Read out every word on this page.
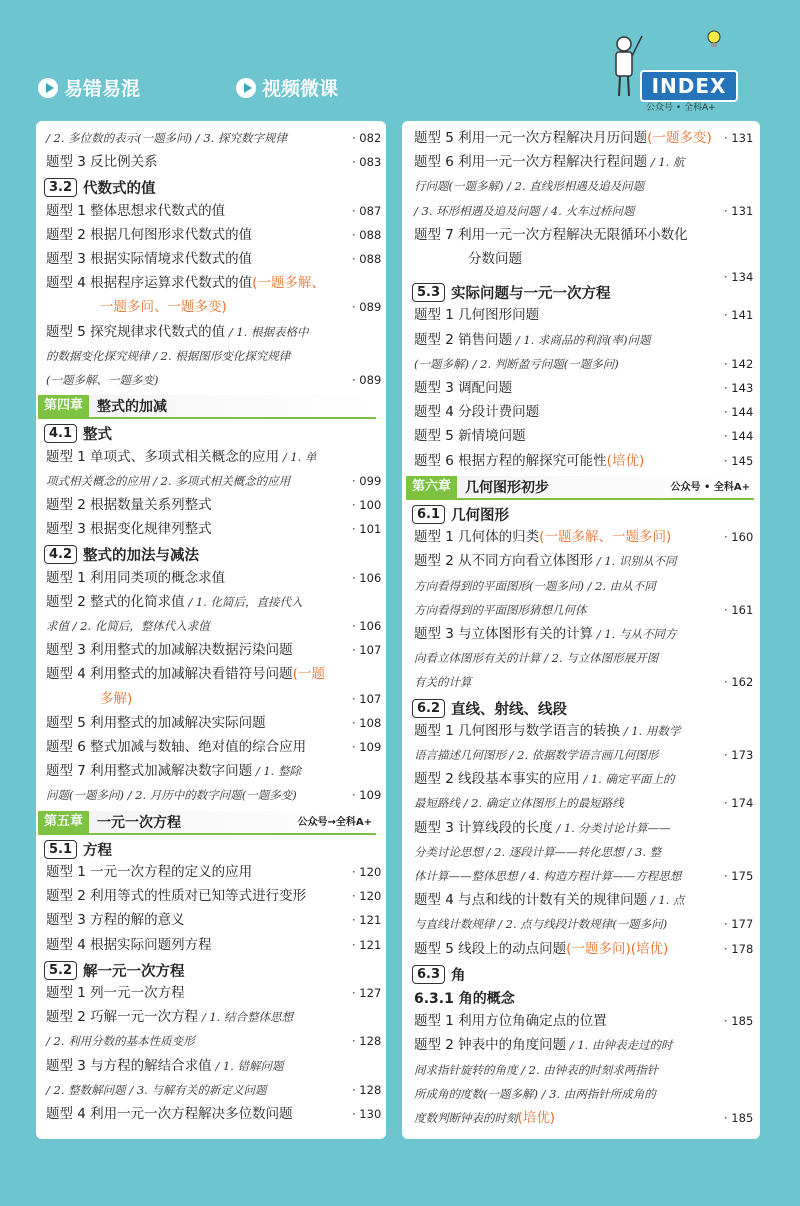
易错易混	视频微课	INDEX
公众号 • 全科A+
/ 2. 多位数的表示(一题多问) / 3. 探究数字规律	· 082
题型 3 反比例关系	· 083
3.2 代数式的值
题型 1 整体思想求代数式的值	· 087
题型 2 根据几何图形求代数式的值	· 088
题型 3 根据实际情境求代数式的值	· 088
题型 4 根据程序运算求代数式的值(一题多解、
一题多问、一题多变)	· 089
题型 5 探究规律求代数式的值 / 1. 根据表格中
的数据变化探究规律 / 2. 根据图形变化探究规律
(一题多解、一题多变)	· 089
第四章	整式的加减
4.1 整式
题型 1 单项式、多项式相关概念的应用 / 1. 单
项式相关概念的应用 / 2. 多项式相关概念的应用	· 099
题型 2 根据数量关系列整式	· 100
题型 3 根据变化规律列整式	· 101
4.2 整式的加法与减法
题型 1 利用同类项的概念求值	· 106
题型 2 整式的化简求值 / 1. 化简后，直接代入
求值 / 2. 化简后，整体代入求值	· 106
题型 3 利用整式的加减解决数据污染问题	· 107
题型 4 利用整式的加减解决看错符号问题(一题
多解)	· 107
题型 5 利用整式的加减解决实际问题	· 108
题型 6 整式加减与数轴、绝对值的综合应用	· 109
题型 7 利用整式加减解决数字问题 / 1. 整除
问题(一题多问) / 2. 月历中的数字问题(一题多变)	· 109
第五章	一元一次方程	公众号→全科A+
5.1 方程
题型 1 一元一次方程的定义的应用	· 120
题型 2 利用等式的性质对已知等式进行变形	· 120
题型 3 方程的解的意义	· 121
题型 4 根据实际问题列方程	· 121
5.2 解一元一次方程
题型 1 列一元一次方程	· 127
题型 2 巧解一元一次方程 / 1. 结合整体思想
/ 2. 利用分数的基本性质变形	· 128
题型 3 与方程的解结合求值 / 1. 错解问题
/ 2. 整数解问题 / 3. 与解有关的新定义问题	· 128
题型 4 利用一元一次方程解决多位数问题	· 130
题型 5 利用一元一次方程解决月历问题(一题多变) · 131
题型 6 利用一元一次方程解决行程问题 / 1. 航
行问题(一题多解) / 2. 直线形相遇及追及问题
/ 3. 环形相遇及追及问题 / 4. 火车过桥问题	· 131
题型 7 利用一元一次方程解决无限循环小数化
分数问题
· 134
5.3 实际问题与一元一次方程
题型 1 几何图形问题	· 141
题型 2 销售问题 / 1. 求商品的利润(率)问题
(一题多解) / 2. 判断盈亏问题(一题多问)	· 142
题型 3 调配问题	· 143
题型 4 分段计费问题	· 144
题型 5 新情境问题	· 144
题型 6 根据方程的解探究可能性(培优)	· 145
第六章	几何图形初步	公众号 • 全科A+
6.1 几何图形
题型 1 几何体的归类(一题多解、一题多问)	· 160
题型 2 从不同方向看立体图形 / 1. 识别从不同
方向看得到的平面图形(一题多问) / 2. 由从不同
方向看得到的平面图形猜想几何体	· 161
题型 3 与立体图形有关的计算 / 1. 与从不同方
向看立体图形有关的计算 / 2. 与立体图形展开图
有关的计算	· 162
6.2 直线、射线、线段
题型 1 几何图形与数学语言的转换 / 1. 用数学
语言描述几何图形 / 2. 依据数学语言画几何图形	· 173
题型 2 线段基本事实的应用 / 1. 确定平面上的
最短路线 / 2. 确定立体图形上的最短路线	· 174
题型 3 计算线段的长度 / 1. 分类讨论计算——
分类讨论思想 / 2. 逐段计算——转化思想 / 3. 整
体计算——整体思想 / 4. 构造方程计算——方程思想	· 175
题型 4 与点和线的计数有关的规律问题 / 1. 点
与直线计数规律 / 2. 点与线段计数规律(一题多问)	· 177
题型 5 线段上的动点问题(一题多问)(培优)	· 178
6.3 角
6.3.1 角的概念
题型 1 利用方位角确定点的位置	· 185
题型 2 钟表中的角度问题 / 1. 由钟表走过的时
间求指针旋转的角度 / 2. 由钟表的时刻求两指针
所成角的度数(一题多解) / 3. 由两指针所成角的
度数判断钟表的时刻(培优)	· 185
